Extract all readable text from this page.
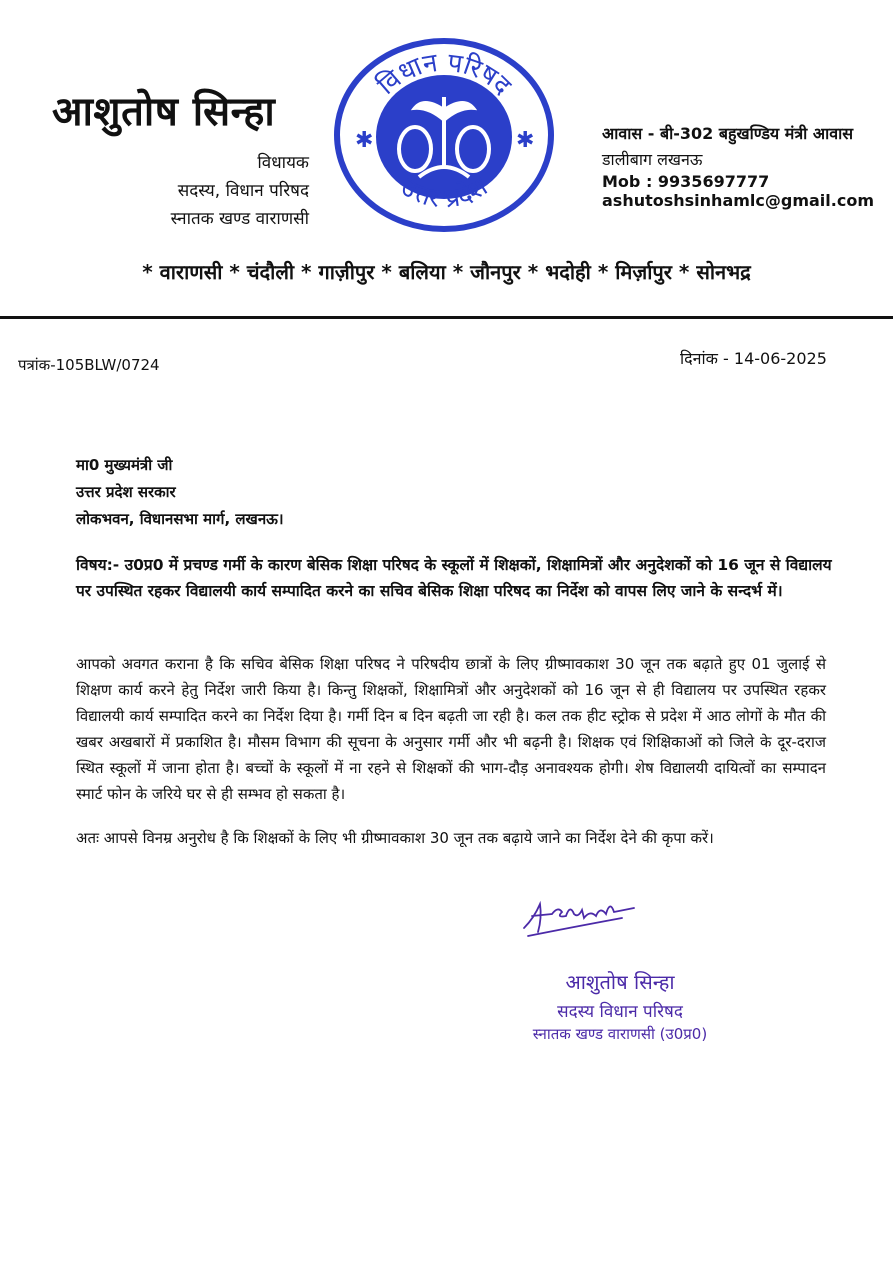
आशुतोष सिन्हा
विधायक
सदस्य, विधान परिषद
स्नातक खण्ड वाराणसी
विधान परिषद
उत्तर प्रदेश
✱	✱	आवास - बी-302 बहुखण्डिय मंत्री आवास
डालीबाग लखनऊ
Mob : 9935697777
ashutoshsinhamlc@gmail.com
* वाराणसी * चंदौली * गाज़ीपुर * बलिया * जौनपुर * भदोही * मिर्ज़ापुर * सोनभद्र
पत्रांक-105BLW/0724	दिनांक - 14-06-2025
मा0 मुख्यमंत्री जी
उत्तर प्रदेश सरकार
लोकभवन, विधानसभा मार्ग, लखनऊ।
विषय:- उ0प्र0 में प्रचण्ड गर्मी के कारण बेसिक शिक्षा परिषद के स्कूलों में शिक्षकों, शिक्षामित्रों और अनुदेशकों को 16 जून से विद्यालय पर उपस्थित रहकर विद्यालयी कार्य सम्पादित करने का सचिव बेसिक शिक्षा परिषद का निर्देश को वापस लिए जाने के सन्दर्भ में।
आपको अवगत कराना है कि सचिव बेसिक शिक्षा परिषद ने परिषदीय छात्रों के लिए ग्रीष्मावकाश 30 जून तक बढ़ाते हुए 01 जुलाई से शिक्षण कार्य करने हेतु निर्देश जारी किया है। किन्तु शिक्षकों, शिक्षामित्रों और अनुदेशकों को 16 जून से ही विद्यालय पर उपस्थित रहकर विद्यालयी कार्य सम्पादित करने का निर्देश दिया है। गर्मी दिन ब दिन बढ़ती जा रही है। कल तक हीट स्ट्रोक से प्रदेश में आठ लोगों के मौत की खबर अखबारों में प्रकाशित है। मौसम विभाग की सूचना के अनुसार गर्मी और भी बढ़नी है। शिक्षक एवं शिक्षिकाओं को जिले के दूर-दराज स्थित स्कूलों में जाना होता है। बच्चों के स्कूलों में ना रहने से शिक्षकों की भाग-दौड़ अनावश्यक होगी। शेष विद्यालयी दायित्वों का सम्पादन स्मार्ट फोन के जरिये घर से ही सम्भव हो सकता है।
अतः आपसे विनम्र अनुरोध है कि शिक्षकों के लिए भी ग्रीष्मावकाश 30 जून तक बढ़ाये जाने का निर्देश देने की कृपा करें।
आशुतोष सिन्हा
सदस्य विधान परिषद
स्नातक खण्ड वाराणसी (उ0प्र0)
